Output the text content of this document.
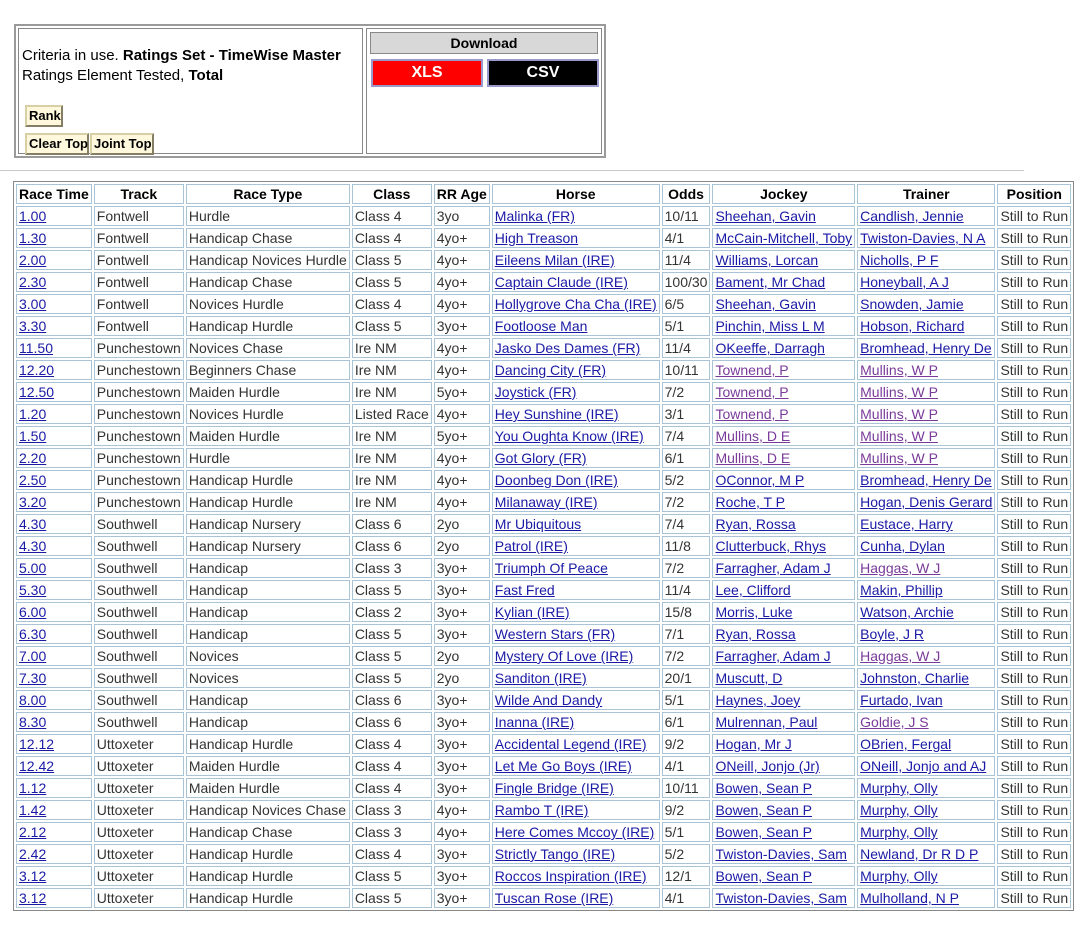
Criteria in use. Ratings Set - TimeWise Master
Ratings Element Tested, Total
Rank
Clear Top Joint Top
Download
XLS	CSV
Race Time	Track	Race Type	Class	RR Age	Horse	Odds	Jockey	Trainer	Position
1.00	Fontwell	Hurdle	Class 4	3yo	Malinka (FR)	10/11	Sheehan, Gavin	Candlish, Jennie	Still to Run
1.30	Fontwell	Handicap Chase	Class 4	4yo+	High Treason	4/1	McCain-Mitchell, Toby	Twiston-Davies, N A	Still to Run
2.00	Fontwell	Handicap Novices Hurdle	Class 5	4yo+	Eileens Milan (IRE)	11/4	Williams, Lorcan	Nicholls, P F	Still to Run
2.30	Fontwell	Handicap Chase	Class 5	4yo+	Captain Claude (IRE)	100/30	Bament, Mr Chad	Honeyball, A J	Still to Run
3.00	Fontwell	Novices Hurdle	Class 4	4yo+	Hollygrove Cha Cha (IRE)	6/5	Sheehan, Gavin	Snowden, Jamie	Still to Run
3.30	Fontwell	Handicap Hurdle	Class 5	3yo+	Footloose Man	5/1	Pinchin, Miss L M	Hobson, Richard	Still to Run
11.50	Punchestown	Novices Chase	Ire NM	4yo+	Jasko Des Dames (FR)	11/4	OKeeffe, Darragh	Bromhead, Henry De	Still to Run
12.20	Punchestown	Beginners Chase	Ire NM	4yo+	Dancing City (FR)	10/11	Townend, P	Mullins, W P	Still to Run
12.50	Punchestown	Maiden Hurdle	Ire NM	5yo+	Joystick (FR)	7/2	Townend, P	Mullins, W P	Still to Run
1.20	Punchestown	Novices Hurdle	Listed Race	4yo+	Hey Sunshine (IRE)	3/1	Townend, P	Mullins, W P	Still to Run
1.50	Punchestown	Maiden Hurdle	Ire NM	5yo+	You Oughta Know (IRE)	7/4	Mullins, D E	Mullins, W P	Still to Run
2.20	Punchestown	Hurdle	Ire NM	4yo+	Got Glory (FR)	6/1	Mullins, D E	Mullins, W P	Still to Run
2.50	Punchestown	Handicap Hurdle	Ire NM	4yo+	Doonbeg Don (IRE)	5/2	OConnor, M P	Bromhead, Henry De	Still to Run
3.20	Punchestown	Handicap Hurdle	Ire NM	4yo+	Milanaway (IRE)	7/2	Roche, T P	Hogan, Denis Gerard	Still to Run
4.30	Southwell	Handicap Nursery	Class 6	2yo	Mr Ubiquitous	7/4	Ryan, Rossa	Eustace, Harry	Still to Run
4.30	Southwell	Handicap Nursery	Class 6	2yo	Patrol (IRE)	11/8	Clutterbuck, Rhys	Cunha, Dylan	Still to Run
5.00	Southwell	Handicap	Class 3	3yo+	Triumph Of Peace	7/2	Farragher, Adam J	Haggas, W J	Still to Run
5.30	Southwell	Handicap	Class 5	3yo+	Fast Fred	11/4	Lee, Clifford	Makin, Phillip	Still to Run
6.00	Southwell	Handicap	Class 2	3yo+	Kylian (IRE)	15/8	Morris, Luke	Watson, Archie	Still to Run
6.30	Southwell	Handicap	Class 5	3yo+	Western Stars (FR)	7/1	Ryan, Rossa	Boyle, J R	Still to Run
7.00	Southwell	Novices	Class 5	2yo	Mystery Of Love (IRE)	7/2	Farragher, Adam J	Haggas, W J	Still to Run
7.30	Southwell	Novices	Class 5	2yo	Sanditon (IRE)	20/1	Muscutt, D	Johnston, Charlie	Still to Run
8.00	Southwell	Handicap	Class 6	3yo+	Wilde And Dandy	5/1	Haynes, Joey	Furtado, Ivan	Still to Run
8.30	Southwell	Handicap	Class 6	3yo+	Inanna (IRE)	6/1	Mulrennan, Paul	Goldie, J S	Still to Run
12.12	Uttoxeter	Handicap Hurdle	Class 4	3yo+	Accidental Legend (IRE)	9/2	Hogan, Mr J	OBrien, Fergal	Still to Run
12.42	Uttoxeter	Maiden Hurdle	Class 4	3yo+	Let Me Go Boys (IRE)	4/1	ONeill, Jonjo (Jr)	ONeill, Jonjo and AJ	Still to Run
1.12	Uttoxeter	Maiden Hurdle	Class 4	3yo+	Fingle Bridge (IRE)	10/11	Bowen, Sean P	Murphy, Olly	Still to Run
1.42	Uttoxeter	Handicap Novices Chase	Class 3	4yo+	Rambo T (IRE)	9/2	Bowen, Sean P	Murphy, Olly	Still to Run
2.12	Uttoxeter	Handicap Chase	Class 3	4yo+	Here Comes Mccoy (IRE)	5/1	Bowen, Sean P	Murphy, Olly	Still to Run
2.42	Uttoxeter	Handicap Hurdle	Class 4	3yo+	Strictly Tango (IRE)	5/2	Twiston-Davies, Sam	Newland, Dr R D P	Still to Run
3.12	Uttoxeter	Handicap Hurdle	Class 5	3yo+	Roccos Inspiration (IRE)	12/1	Bowen, Sean P	Murphy, Olly	Still to Run
3.12	Uttoxeter	Handicap Hurdle	Class 5	3yo+	Tuscan Rose (IRE)	4/1	Twiston-Davies, Sam	Mulholland, N P	Still to Run
